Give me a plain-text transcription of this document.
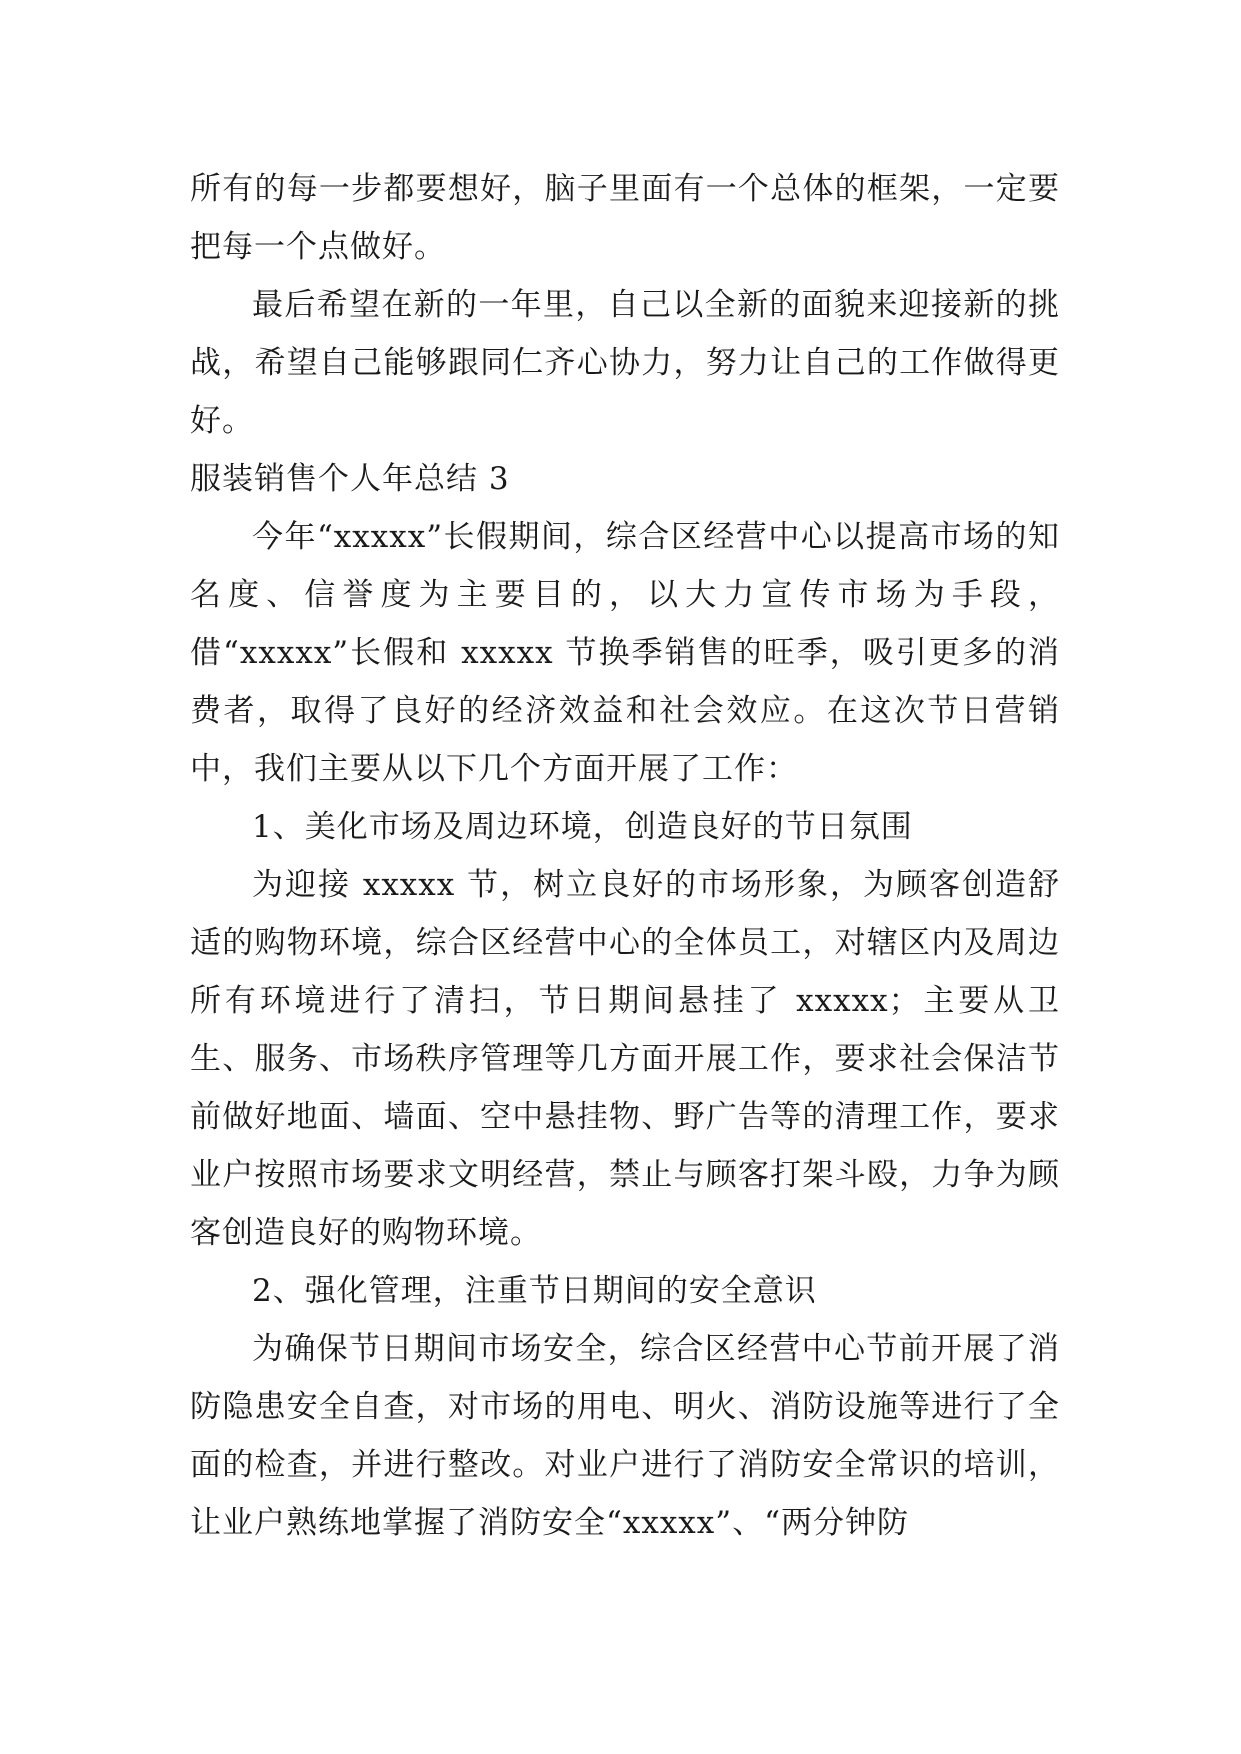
所有的每一步都要想好，脑子里面有一个总体的框架，一定要把每一个点做好。

最后希望在新的一年里，自己以全新的面貌来迎接新的挑战，希望自己能够跟同仁齐心协力，努力让自己的工作做得更好。

服装销售个人年总结 3

今年“xxxxx”长假期间，综合区经营中心以提高市场的知名度、信誉度为主要目的，以大力宣传市场为手段，借“xxxxx”长假和 xxxxx 节换季销售的旺季，吸引更多的消费者，取得了良好的经济效益和社会效应。在这次节日营销中，我们主要从以下几个方面开展了工作：

1、美化市场及周边环境，创造良好的节日氛围

为迎接 xxxxx 节，树立良好的市场形象，为顾客创造舒适的购物环境，综合区经营中心的全体员工，对辖区内及周边所有环境进行了清扫，节日期间悬挂了 xxxxx；主要从卫生、服务、市场秩序管理等几方面开展工作，要求社会保洁节前做好地面、墙面、空中悬挂物、野广告等的清理工作，要求业户按照市场要求文明经营，禁止与顾客打架斗殴，力争为顾客创造良好的购物环境。

2、强化管理，注重节日期间的安全意识

为确保节日期间市场安全，综合区经营中心节前开展了消防隐患安全自查，对市场的用电、明火、消防设施等进行了全面的检查，并进行整改。对业户进行了消防安全常识的培训，让业户熟练地掌握了消防安全“xxxxx”、“两分钟防
